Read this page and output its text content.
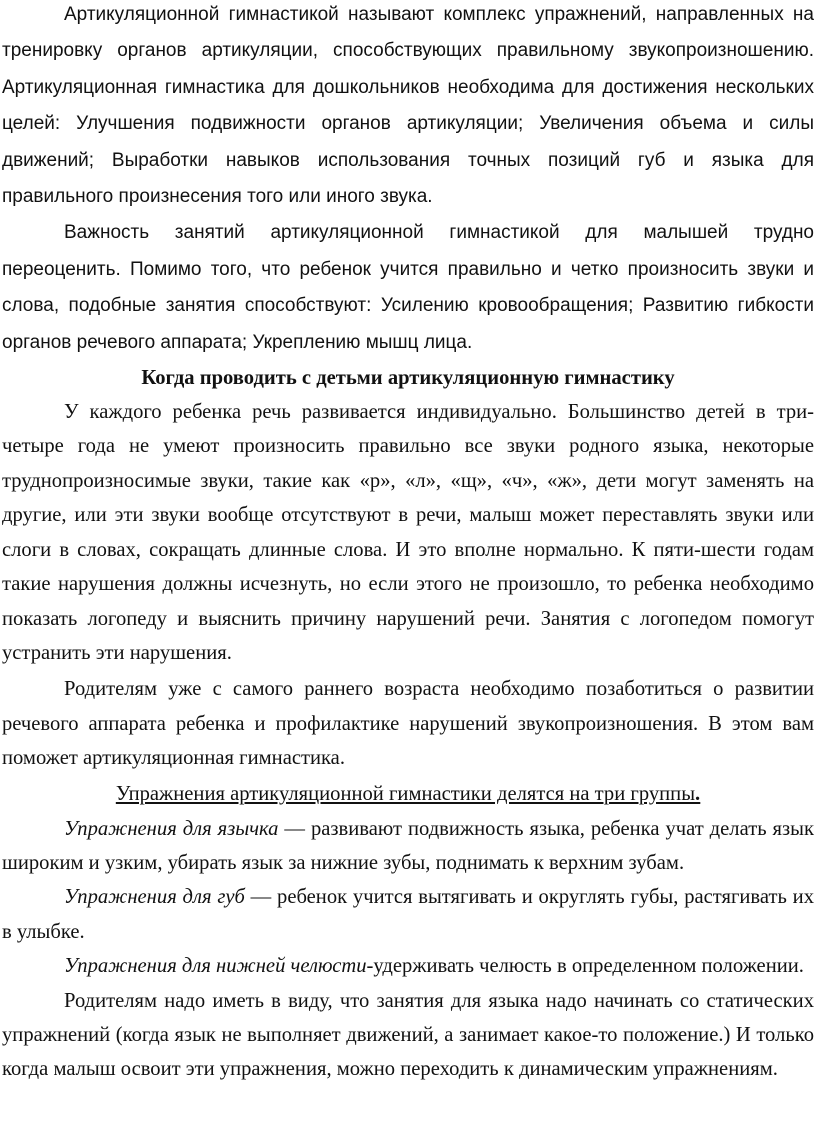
Артикуляционной гимнастикой называют комплекс упражнений, направленных на тренировку органов артикуляции, способствующих правильному звукопроизношению. Артикуляционная гимнастика для дошкольников необходима для достижения нескольких целей: Улучшения подвижности органов артикуляции; Увеличения объема и силы движений; Выработки навыков использования точных позиций губ и языка для правильного произнесения того или иного звука.

Важность занятий артикуляционной гимнастикой для малышей трудно переоценить. Помимо того, что ребенок учится правильно и четко произносить звуки и слова, подобные занятия способствуют: Усилению кровообращения; Развитию гибкости органов речевого аппарата; Укреплению мышц лица.

Когда проводить с детьми артикуляционную гимнастику

У каждого ребенка речь развивается индивидуально. Большинство детей в три-четыре года не умеют произносить правильно все звуки родного языка, некоторые труднопроизносимые звуки, такие как «р», «л», «щ», «ч», «ж», дети могут заменять на другие, или эти звуки вообще отсутствуют в речи, малыш может переставлять звуки или слоги в словах, сокращать длинные слова. И это вполне нормально. К пяти-шести годам такие нарушения должны исчезнуть, но если этого не произошло, то ребенка необходимо показать логопеду и выяснить причину нарушений речи. Занятия с логопедом помогут устранить эти нарушения.

Родителям уже с самого раннего возраста необходимо позаботиться о развитии речевого аппарата ребенка и профилактике нарушений звукопроизношения. В этом вам поможет артикуляционная гимнастика.

Упражнения артикуляционной гимнастики делятся на три группы.

Упражнения для язычка — развивают подвижность языка, ребенка учат делать язык широким и узким, убирать язык за нижние зубы, поднимать к верхним зубам.

Упражнения для губ — ребенок учится вытягивать и округлять губы, растягивать их в улыбке.

Упражнения для нижней челюсти-удерживать челюсть в определенном положении.

Родителям надо иметь в виду, что занятия для языка надо начинать со статических упражнений (когда язык не выполняет движений, а занимает какое-то положение.) И только когда малыш освоит эти упражнения, можно переходить к динамическим упражнениям.
